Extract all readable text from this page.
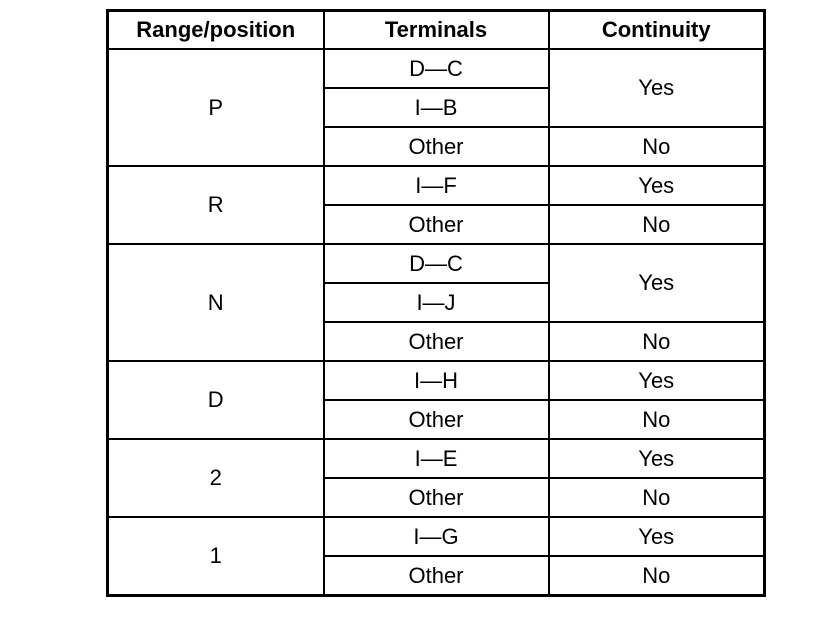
Range/position	Terminals	Continuity
P	D—C	Yes
	I—B	
	Other	No
R	I—F	Yes
	Other	No
N	D—C	Yes
	I—J	
	Other	No
D	I—H	Yes
	Other	No
2	I—E	Yes
	Other	No
1	I—G	Yes
	Other	No
